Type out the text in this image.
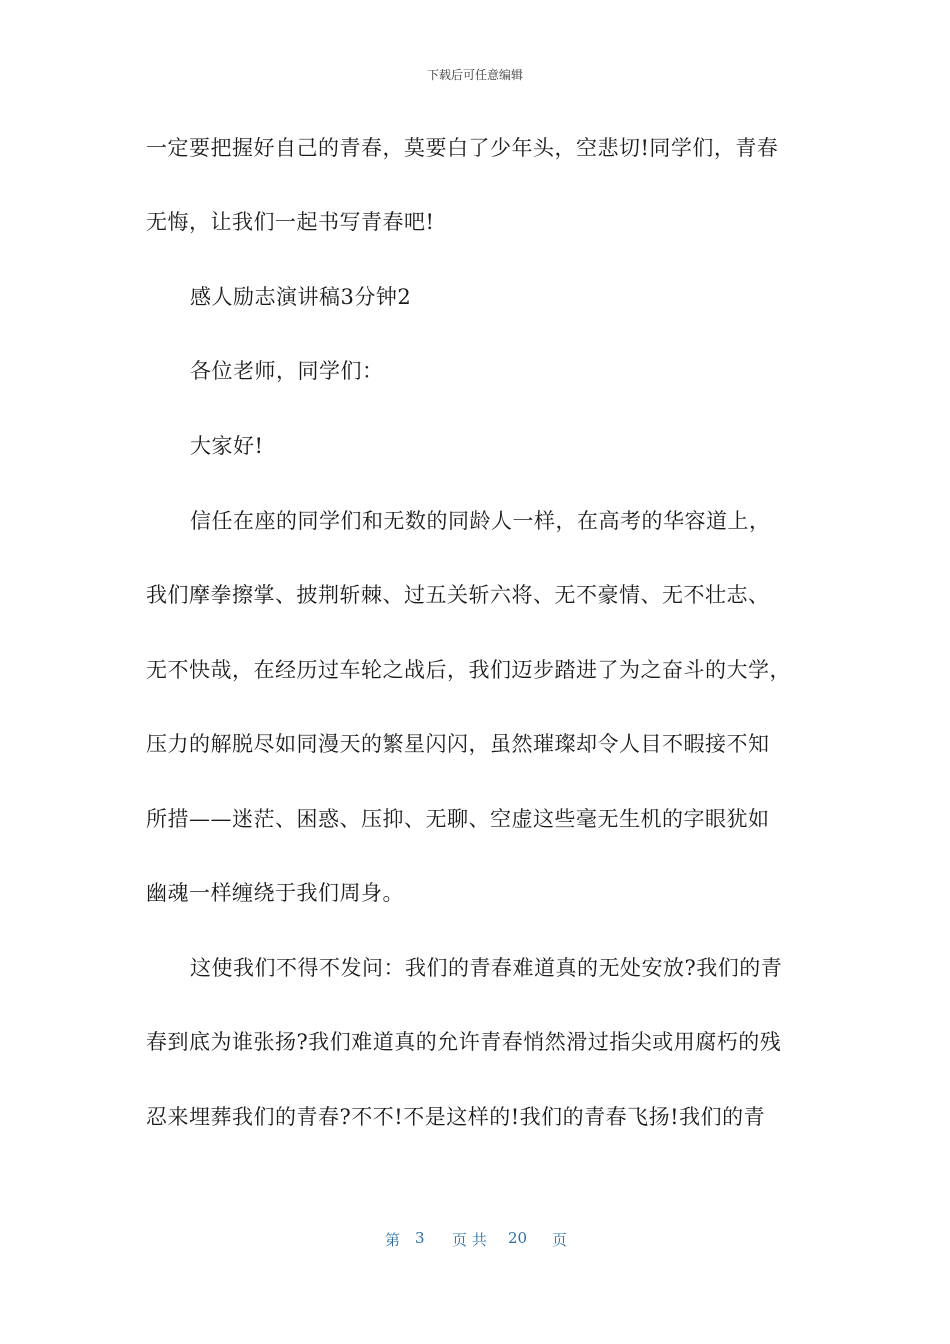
下载后可任意编辑
一定要把握好自己的青春，莫要白了少年头，空悲切!同学们，青春
无悔，让我们一起书写青春吧!
感人励志演讲稿3分钟2
各位老师，同学们：
大家好!
信任在座的同学们和无数的同龄人一样，在高考的华容道上，
我们摩拳擦掌、披荆斩棘、过五关斩六将、无不豪情、无不壮志、
无不快哉，在经历过车轮之战后，我们迈步踏进了为之奋斗的大学，
压力的解脱尽如同漫天的繁星闪闪，虽然璀璨却令人目不暇接不知
所措——迷茫、困惑、压抑、无聊、空虚这些毫无生机的字眼犹如
幽魂一样缠绕于我们周身。
这使我们不得不发问：我们的青春难道真的无处安放?我们的青
春到底为谁张扬?我们难道真的允许青春悄然滑过指尖或用腐朽的残
忍来埋葬我们的青春?不不!不是这样的!我们的青春飞扬!我们的青
第 3 页 共 20 页
